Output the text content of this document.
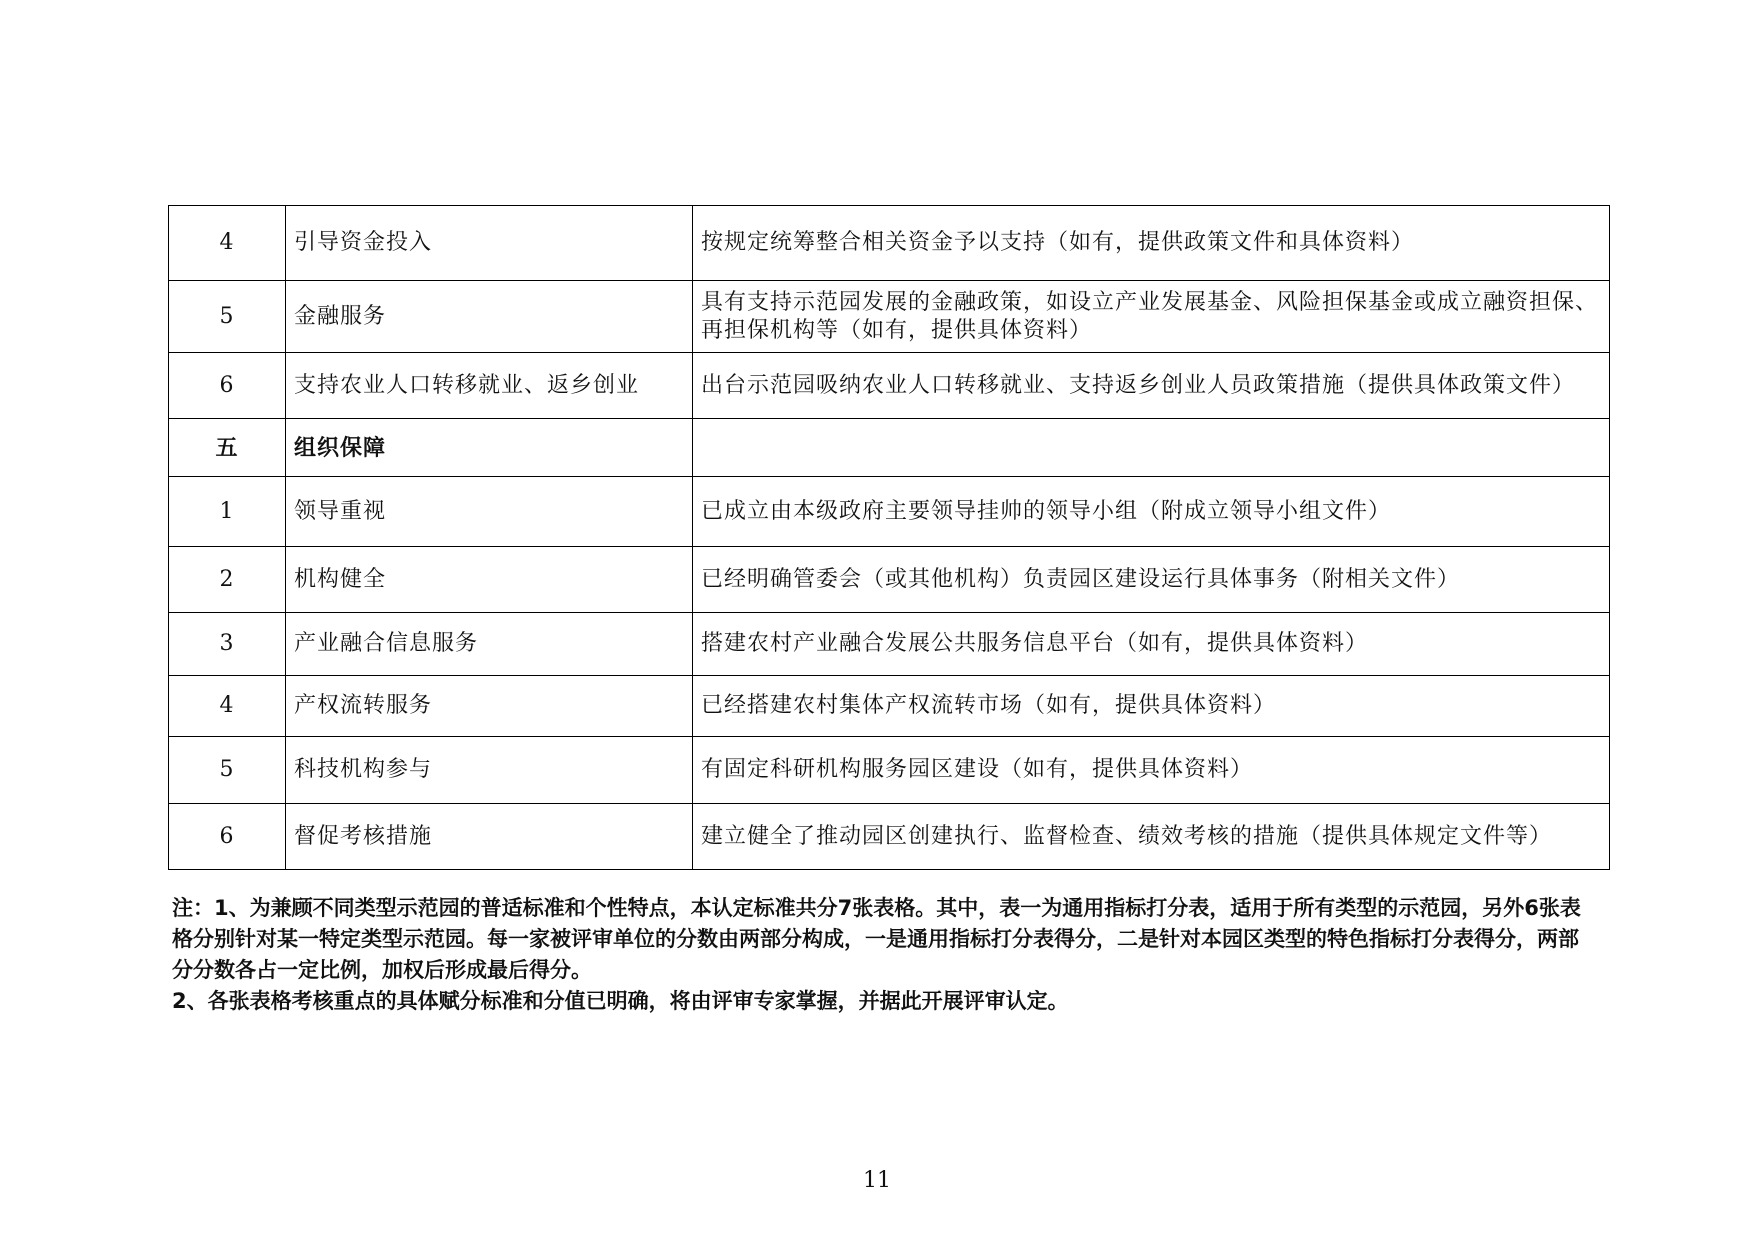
4	引导资金投入	按规定统筹整合相关资金予以支持（如有，提供政策文件和具体资料）
5	金融服务	具有支持示范园发展的金融政策，如设立产业发展基金、风险担保基金或成立融资担保、再担保机构等（如有，提供具体资料）
6	支持农业人口转移就业、返乡创业	出台示范园吸纳农业人口转移就业、支持返乡创业人员政策措施（提供具体政策文件）
五	组织保障	
1	领导重视	已成立由本级政府主要领导挂帅的领导小组（附成立领导小组文件）
2	机构健全	已经明确管委会（或其他机构）负责园区建设运行具体事务（附相关文件）
3	产业融合信息服务	搭建农村产业融合发展公共服务信息平台（如有，提供具体资料）
4	产权流转服务	已经搭建农村集体产权流转市场（如有，提供具体资料）
5	科技机构参与	有固定科研机构服务园区建设（如有，提供具体资料）
6	督促考核措施	建立健全了推动园区创建执行、监督检查、绩效考核的措施（提供具体规定文件等）

注：1、为兼顾不同类型示范园的普适标准和个性特点，本认定标准共分7张表格。其中，表一为通用指标打分表，适用于所有类型的示范园，另外6张表格分别针对某一特定类型示范园。每一家被评审单位的分数由两部分构成，一是通用指标打分表得分，二是针对本园区类型的特色指标打分表得分，两部分分数各占一定比例，加权后形成最后得分。

2、各张表格考核重点的具体赋分标准和分值已明确，将由评审专家掌握，并据此开展评审认定。

11
